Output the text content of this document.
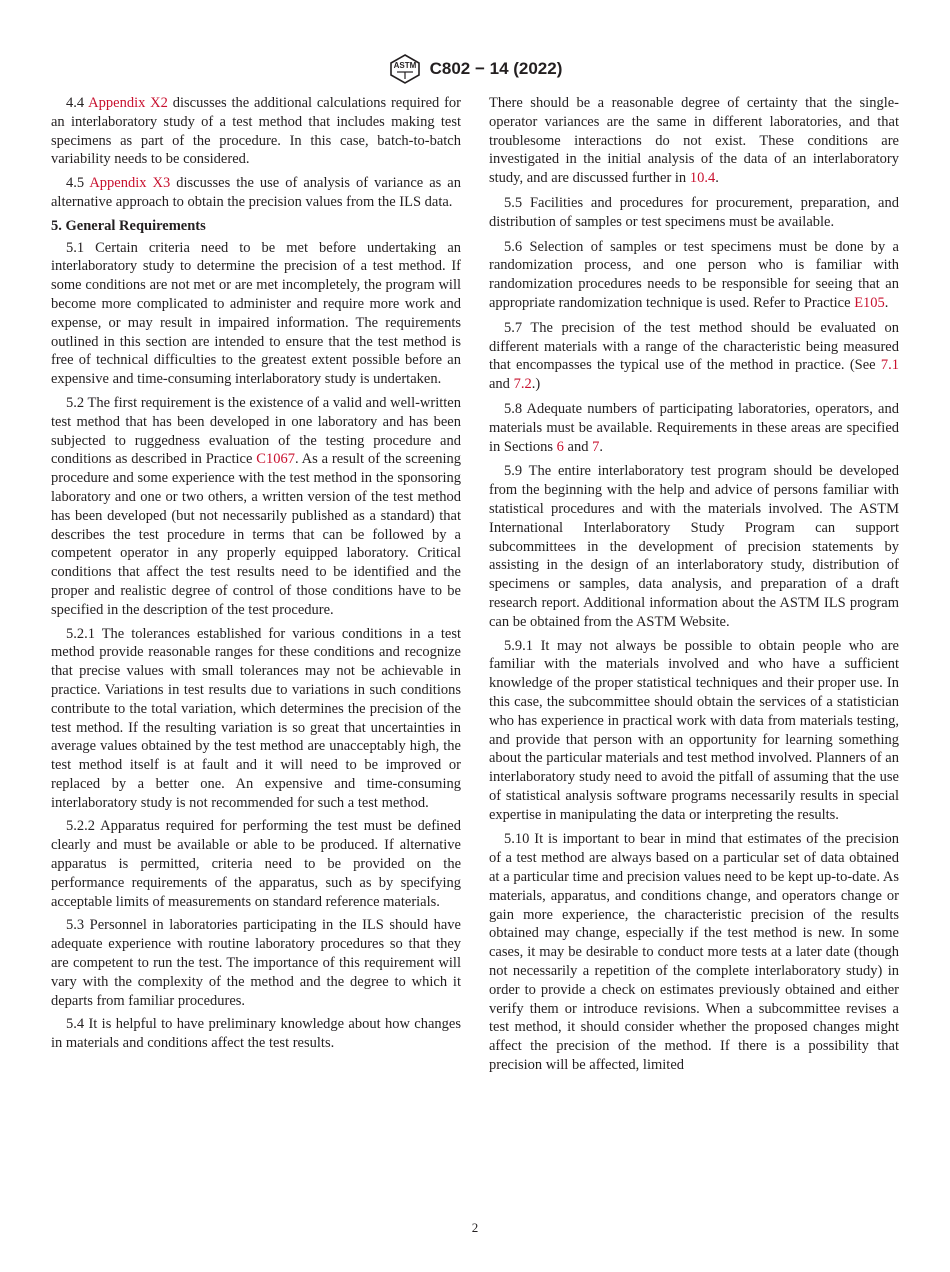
ASTM C802 − 14 (2022)

4.4 Appendix X2 discusses the additional calculations required for an interlaboratory study of a test method that includes making test specimens as part of the procedure. In this case, batch-to-batch variability needs to be considered.

4.5 Appendix X3 discusses the use of analysis of variance as an alternative approach to obtain the precision values from the ILS data.

5. General Requirements

5.1 Certain criteria need to be met before undertaking an interlaboratory study to determine the precision of a test method. If some conditions are not met or are met incompletely, the program will become more complicated to administer and require more work and expense, or may result in impaired information. The requirements outlined in this section are intended to ensure that the test method is free of technical difficulties to the greatest extent possible before an expensive and time-consuming interlaboratory study is undertaken.

5.2 The first requirement is the existence of a valid and well-written test method that has been developed in one laboratory and has been subjected to ruggedness evaluation of the testing procedure and conditions as described in Practice C1067. As a result of the screening procedure and some experience with the test method in the sponsoring laboratory and one or two others, a written version of the test method has been developed (but not necessarily published as a standard) that describes the test procedure in terms that can be followed by a competent operator in any properly equipped laboratory. Critical conditions that affect the test results need to be identified and the proper and realistic degree of control of those conditions have to be specified in the description of the test procedure.

5.2.1 The tolerances established for various conditions in a test method provide reasonable ranges for these conditions and recognize that precise values with small tolerances may not be achievable in practice. Variations in test results due to variations in such conditions contribute to the total variation, which determines the precision of the test method. If the resulting variation is so great that uncertainties in average values obtained by the test method are unacceptably high, the test method itself is at fault and it will need to be improved or replaced by a better one. An expensive and time-consuming interlaboratory study is not recommended for such a test method.

5.2.2 Apparatus required for performing the test must be defined clearly and must be available or able to be produced. If alternative apparatus is permitted, criteria need to be provided on the performance requirements of the apparatus, such as by specifying acceptable limits of measurements on standard reference materials.

5.3 Personnel in laboratories participating in the ILS should have adequate experience with routine laboratory procedures so that they are competent to run the test. The importance of this requirement will vary with the complexity of the method and the degree to which it departs from familiar procedures.

5.4 It is helpful to have preliminary knowledge about how changes in materials and conditions affect the test results.

There should be a reasonable degree of certainty that the single-operator variances are the same in different laboratories, and that troublesome interactions do not exist. These conditions are investigated in the initial analysis of the data of an interlaboratory study, and are discussed further in 10.4.

5.5 Facilities and procedures for procurement, preparation, and distribution of samples or test specimens must be available.

5.6 Selection of samples or test specimens must be done by a randomization process, and one person who is familiar with randomization procedures needs to be responsible for seeing that an appropriate randomization technique is used. Refer to Practice E105.

5.7 The precision of the test method should be evaluated on different materials with a range of the characteristic being measured that encompasses the typical use of the method in practice. (See 7.1 and 7.2.)

5.8 Adequate numbers of participating laboratories, operators, and materials must be available. Requirements in these areas are specified in Sections 6 and 7.

5.9 The entire interlaboratory test program should be developed from the beginning with the help and advice of persons familiar with statistical procedures and with the materials involved. The ASTM International Interlaboratory Study Program can support subcommittees in the development of precision statements by assisting in the design of an interlaboratory study, distribution of specimens or samples, data analysis, and preparation of a draft research report. Additional information about the ASTM ILS program can be obtained from the ASTM Website.

5.9.1 It may not always be possible to obtain people who are familiar with the materials involved and who have a sufficient knowledge of the proper statistical techniques and their proper use. In this case, the subcommittee should obtain the services of a statistician who has experience in practical work with data from materials testing, and provide that person with an opportunity for learning something about the particular materials and test method involved. Planners of an interlaboratory study need to avoid the pitfall of assuming that the use of statistical analysis software programs necessarily results in special expertise in manipulating the data or interpreting the results.

5.10 It is important to bear in mind that estimates of the precision of a test method are always based on a particular set of data obtained at a particular time and precision values need to be kept up-to-date. As materials, apparatus, and conditions change, and operators change or gain more experience, the characteristic precision of the results obtained may change, especially if the test method is new. In some cases, it may be desirable to conduct more tests at a later date (though not necessarily a repetition of the complete interlaboratory study) in order to provide a check on estimates previously obtained and either verify them or introduce revisions. When a subcommittee revises a test method, it should consider whether the proposed changes might affect the precision of the method. If there is a possibility that precision will be affected, limited

2
